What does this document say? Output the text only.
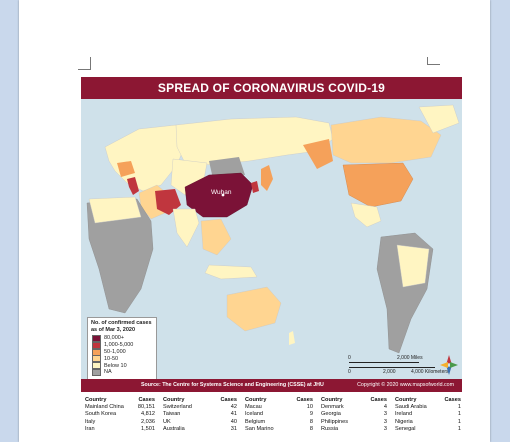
SPREAD OF CORONAVIRUS COVID-19
Wuhan
No. of confirmed cases as of Mar 3, 2020
80,000+
1,000-5,000
50-1,000
10-50
Below 10
NA
0	2,000 Miles
0	2,000	4,000 Kilometers
Source: The Centre for Systems Science and Engineering (CSSE) at JHU	Copyright © 2020 www.mapsofworld.com
Country	Cases
Mainland China	80,151
South Korea	4,812
Italy	2,036
Iran	1,501
Country	Cases
Switzerland	42
Taiwan	41
UK	40
Australia	31
Country	Cases
Macau	10
Iceland	9
Belgium	8
San Marino	8
Country	Cases
Denmark	4
Georgia	3
Philippines	3
Russia	3
Country	Cases
Saudi Arabia	1
Ireland	1
Nigeria	1
Senegal	1
